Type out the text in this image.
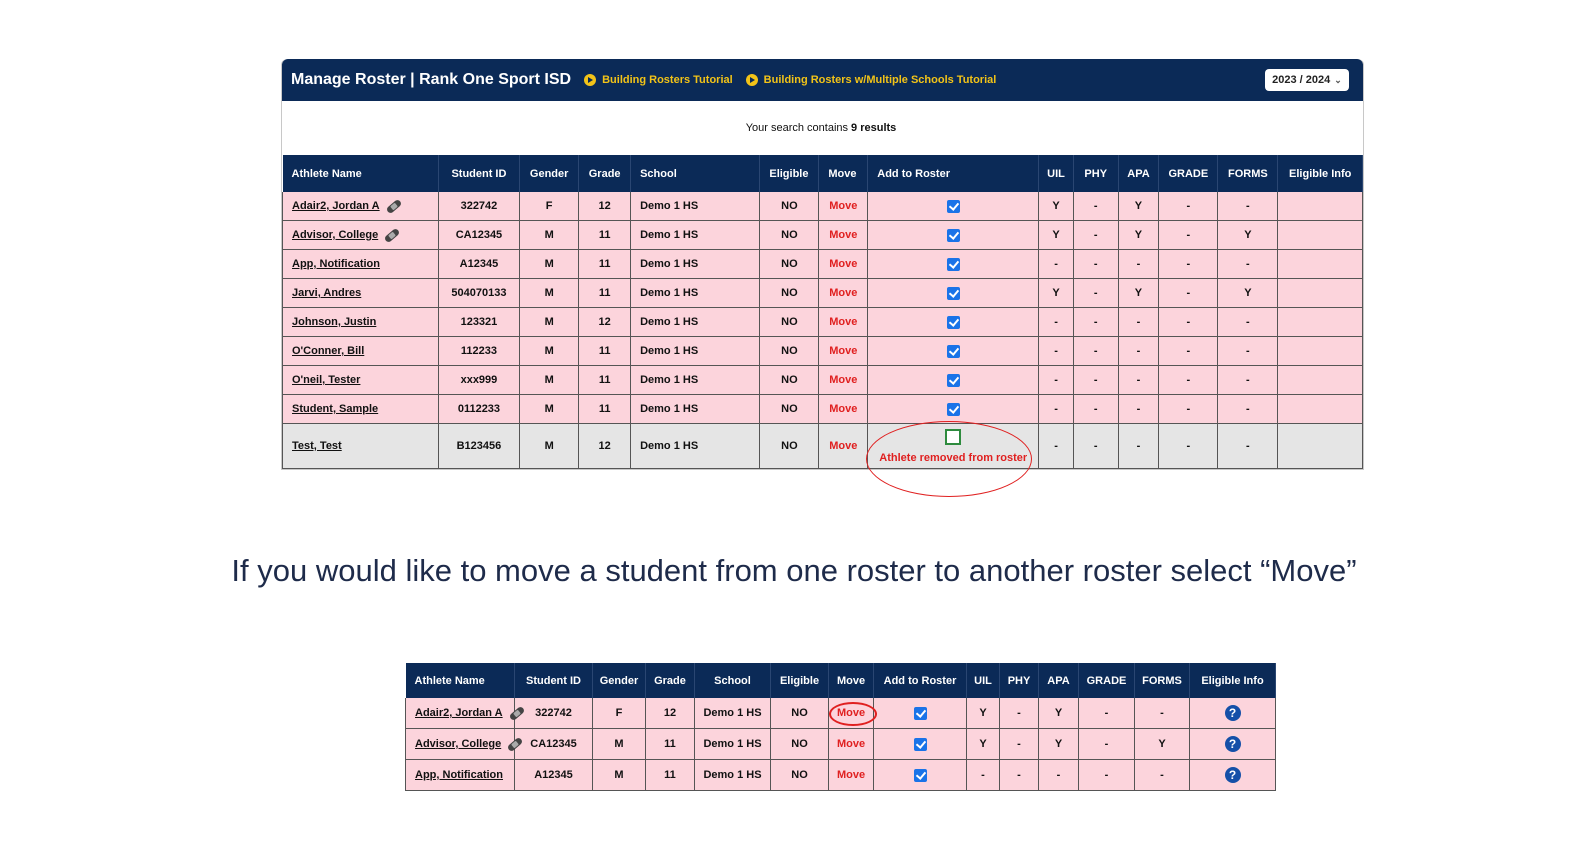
Manage Roster | Rank One Sport ISD	Building Rosters Tutorial	Building Rosters w/Multiple Schools Tutorial	2023 / 2024 ⌄
Your search contains 9 results
Athlete Name	Student ID	Gender	Grade	School	Eligible	Move	Add to Roster	UIL	PHY	APA	GRADE	FORMS	Eligible Info
Adair2, Jordan A	322742	F	12	Demo 1 HS	NO	Move		Y	-	Y	-	-	
Advisor, College	CA12345	M	11	Demo 1 HS	NO	Move		Y	-	Y	-	Y	
App, Notification	A12345	M	11	Demo 1 HS	NO	Move		-	-	-	-	-	
Jarvi, Andres	504070133	M	11	Demo 1 HS	NO	Move		Y	-	Y	-	Y	
Johnson, Justin	123321	M	12	Demo 1 HS	NO	Move		-	-	-	-	-	
O'Conner, Bill	112233	M	11	Demo 1 HS	NO	Move		-	-	-	-	-	
O'neil, Tester	xxx999	M	11	Demo 1 HS	NO	Move		-	-	-	-	-	
Student, Sample	0112233	M	11	Demo 1 HS	NO	Move		-	-	-	-	-	
Test, Test	B123456	M	12	Demo 1 HS	NO	Move	Athlete removed from roster	-	-	-	-	-	
If you would like to move a student from one roster to another roster select “Move”
Athlete Name	Student ID	Gender	Grade	School	Eligible	Move	Add to Roster	UIL	PHY	APA	GRADE	FORMS	Eligible Info
Adair2, Jordan A	322742	F	12	Demo 1 HS	NO	Move		Y	-	Y	-	-	?
Advisor, College	CA12345	M	11	Demo 1 HS	NO	Move		Y	-	Y	-	Y	?
App, Notification	A12345	M	11	Demo 1 HS	NO	Move		-	-	-	-	-	?
